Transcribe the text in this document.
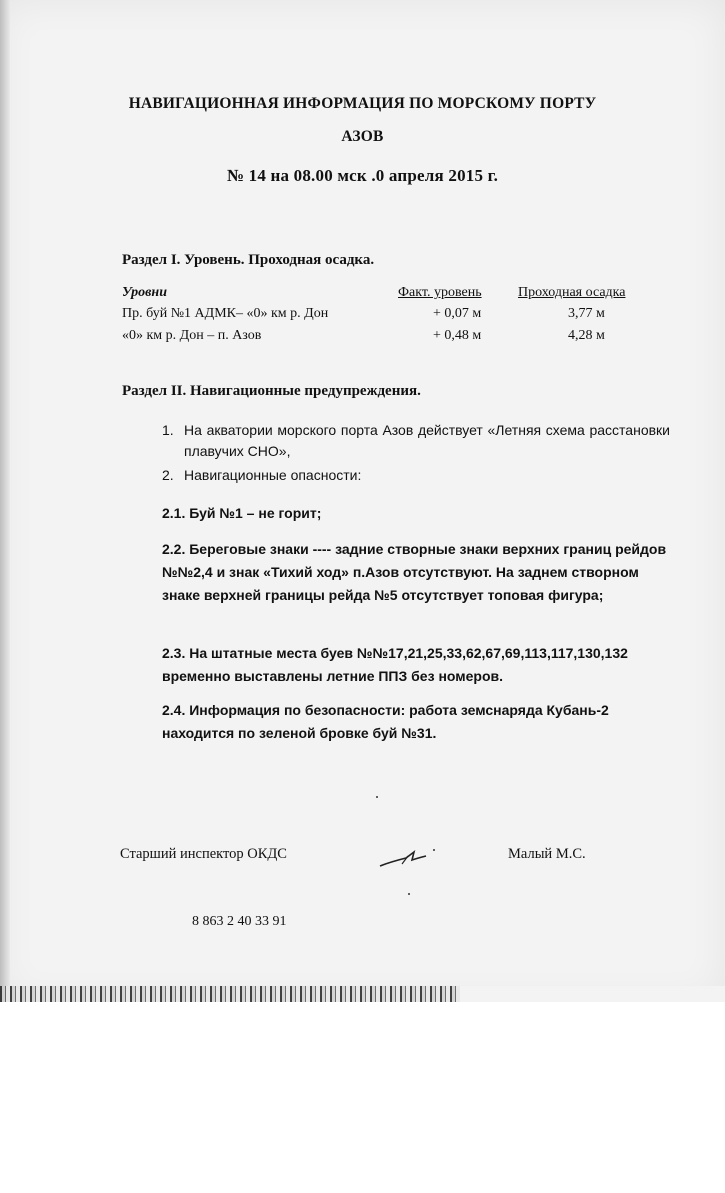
НАВИГАЦИОННАЯ ИНФОРМАЦИЯ ПО МОРСКОМУ ПОРТУ
АЗОВ
№ 14 на 08.00 мск .0 апреля 2015 г.
Раздел I. Уровень. Проходная осадка.
Уровни	Факт. уровень	Проходная осадка
Пр. буй №1 АДМК– «0» км р. Дон	+ 0,07 м	3,77 м
«0» км р. Дон – п. Азов	+ 0,48 м	4,28 м
Раздел II. Навигационные предупреждения.
1. На акватории морского порта Азов действует «Летняя схема расстановки плавучих СНО»,
2. Навигационные опасности:
2.1. Буй №1 – не горит;
2.2. Береговые знаки ---- задние створные знаки верхних границ рейдов №№2,4 и знак «Тихий ход» п.Азов отсутствуют. На заднем створном знаке верхней границы рейда №5 отсутствует топовая фигура;
2.3. На штатные места буев №№17,21,25,33,62,67,69,113,117,130,132 временно выставлены летние ППЗ без номеров.
2.4. Информация по безопасности: работа земснаряда Кубань-2 находится по зеленой бровке буй №31.
Старший инспектор ОКДС	Малый М.С.
8 863 2 40 33 91
